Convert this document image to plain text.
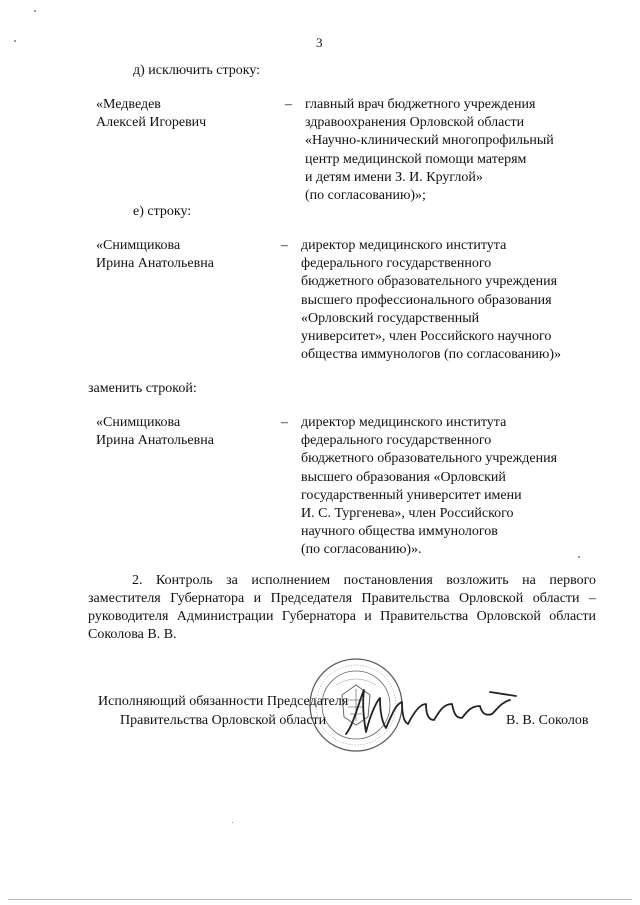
3
д) исключить строку:
«Медведев
Алексей Игоревич
– главный врач бюджетного учреждения
здравоохранения Орловской области
«Научно-клинический многопрофильный
центр медицинской помощи матерям
и детям имени З. И. Круглой»
(по согласованию)»;
е) строку:
«Снимщикова
Ирина Анатольевна
– директор медицинского института
федерального государственного
бюджетного образовательного учреждения
высшего профессионального образования
«Орловский государственный
университет», член Российского научного
общества иммунологов (по согласованию)»
заменить строкой:
«Снимщикова
Ирина Анатольевна
– директор медицинского института
федерального государственного
бюджетного образовательного учреждения
высшего образования «Орловский
государственный университет имени
И. С. Тургенева», член Российского
научного общества иммунологов
(по согласованию)».
2. Контроль за исполнением постановления возложить на первого заместителя Губернатора и Председателя Правительства Орловской области – руководителя Администрации Губернатора и Правительства Орловской области Соколова В. В.
Исполняющий обязанности Председателя
Правительства Орловской области	В. В. Соколов
